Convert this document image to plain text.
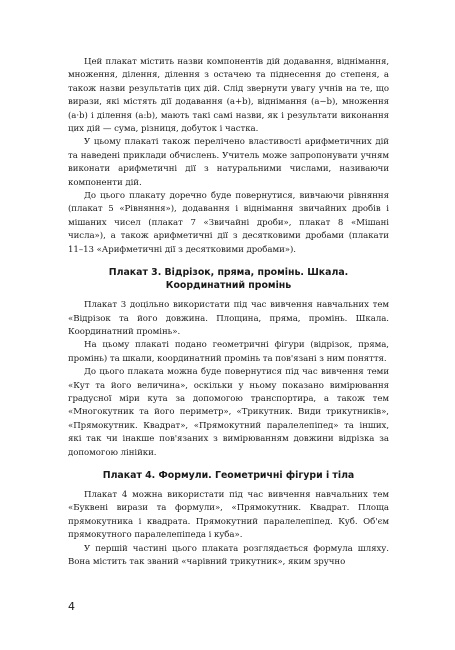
Цей плакат містить назви компонентів дій додавання, віднімання, множення, ділення, ділення з остачею та піднесення до степеня, а також назви результатів цих дій. Слід звернути увагу учнів на те, що вирази, які містять дії додавання (a+b), віднімання (a−b), множення (a·b) і ділення (a:b), мають такі самі назви, як і результати виконання цих дій — сума, різниця, добуток і частка.

У цьому плакаті також перелічено властивості арифметичних дій та наведені приклади обчислень. Учитель може запропонувати учням виконати арифметичні дії з натуральними числами, називаючи компоненти дій.

До цього плакату доречно буде повернутися, вивчаючи рівняння (плакат 5 «Рівняння»), додавання і віднімання звичайних дробів і мішаних чисел (плакат 7 «Звичайні дроби», плакат 8 «Мішані числа»), а також арифметичні дії з десятковими дробами (плакати 11–13 «Арифметичні дії з десятковими дробами»).

Плакат 3. Відрізок, пряма, промінь. Шкала. Координатний промінь

Плакат 3 доцільно використати під час вивчення навчальних тем «Відрізок та його довжина. Площина, пряма, промінь. Шкала. Координатний промінь».

На цьому плакаті подано геометричні фігури (відрізок, пряма, промінь) та шкали, координатний промінь та пов'язані з ним поняття.

До цього плаката можна буде повернутися під час вивчення теми «Кут та його величина», оскільки у ньому показано вимірювання градусної міри кута за допомогою транспортира, а також тем «Многокутник та його периметр», «Трикутник. Види трикутників», «Прямокутник. Квадрат», «Прямокутний паралелепіпед» та інших, які так чи інакше пов'язаних з вимірюванням довжини відрізка за допомогою лінійки.

Плакат 4. Формули. Геометричні фігури і тіла

Плакат 4 можна використати під час вивчення навчальних тем «Буквені вирази та формули», «Прямокутник. Квадрат. Площа прямокутника і квадрата. Прямокутний паралелепіпед. Куб. Об'єм прямокутного паралелепіпеда і куба».

У першій частині цього плаката розглядається формула шляху. Вона містить так званий «чарівний трикутник», яким зручно

4
